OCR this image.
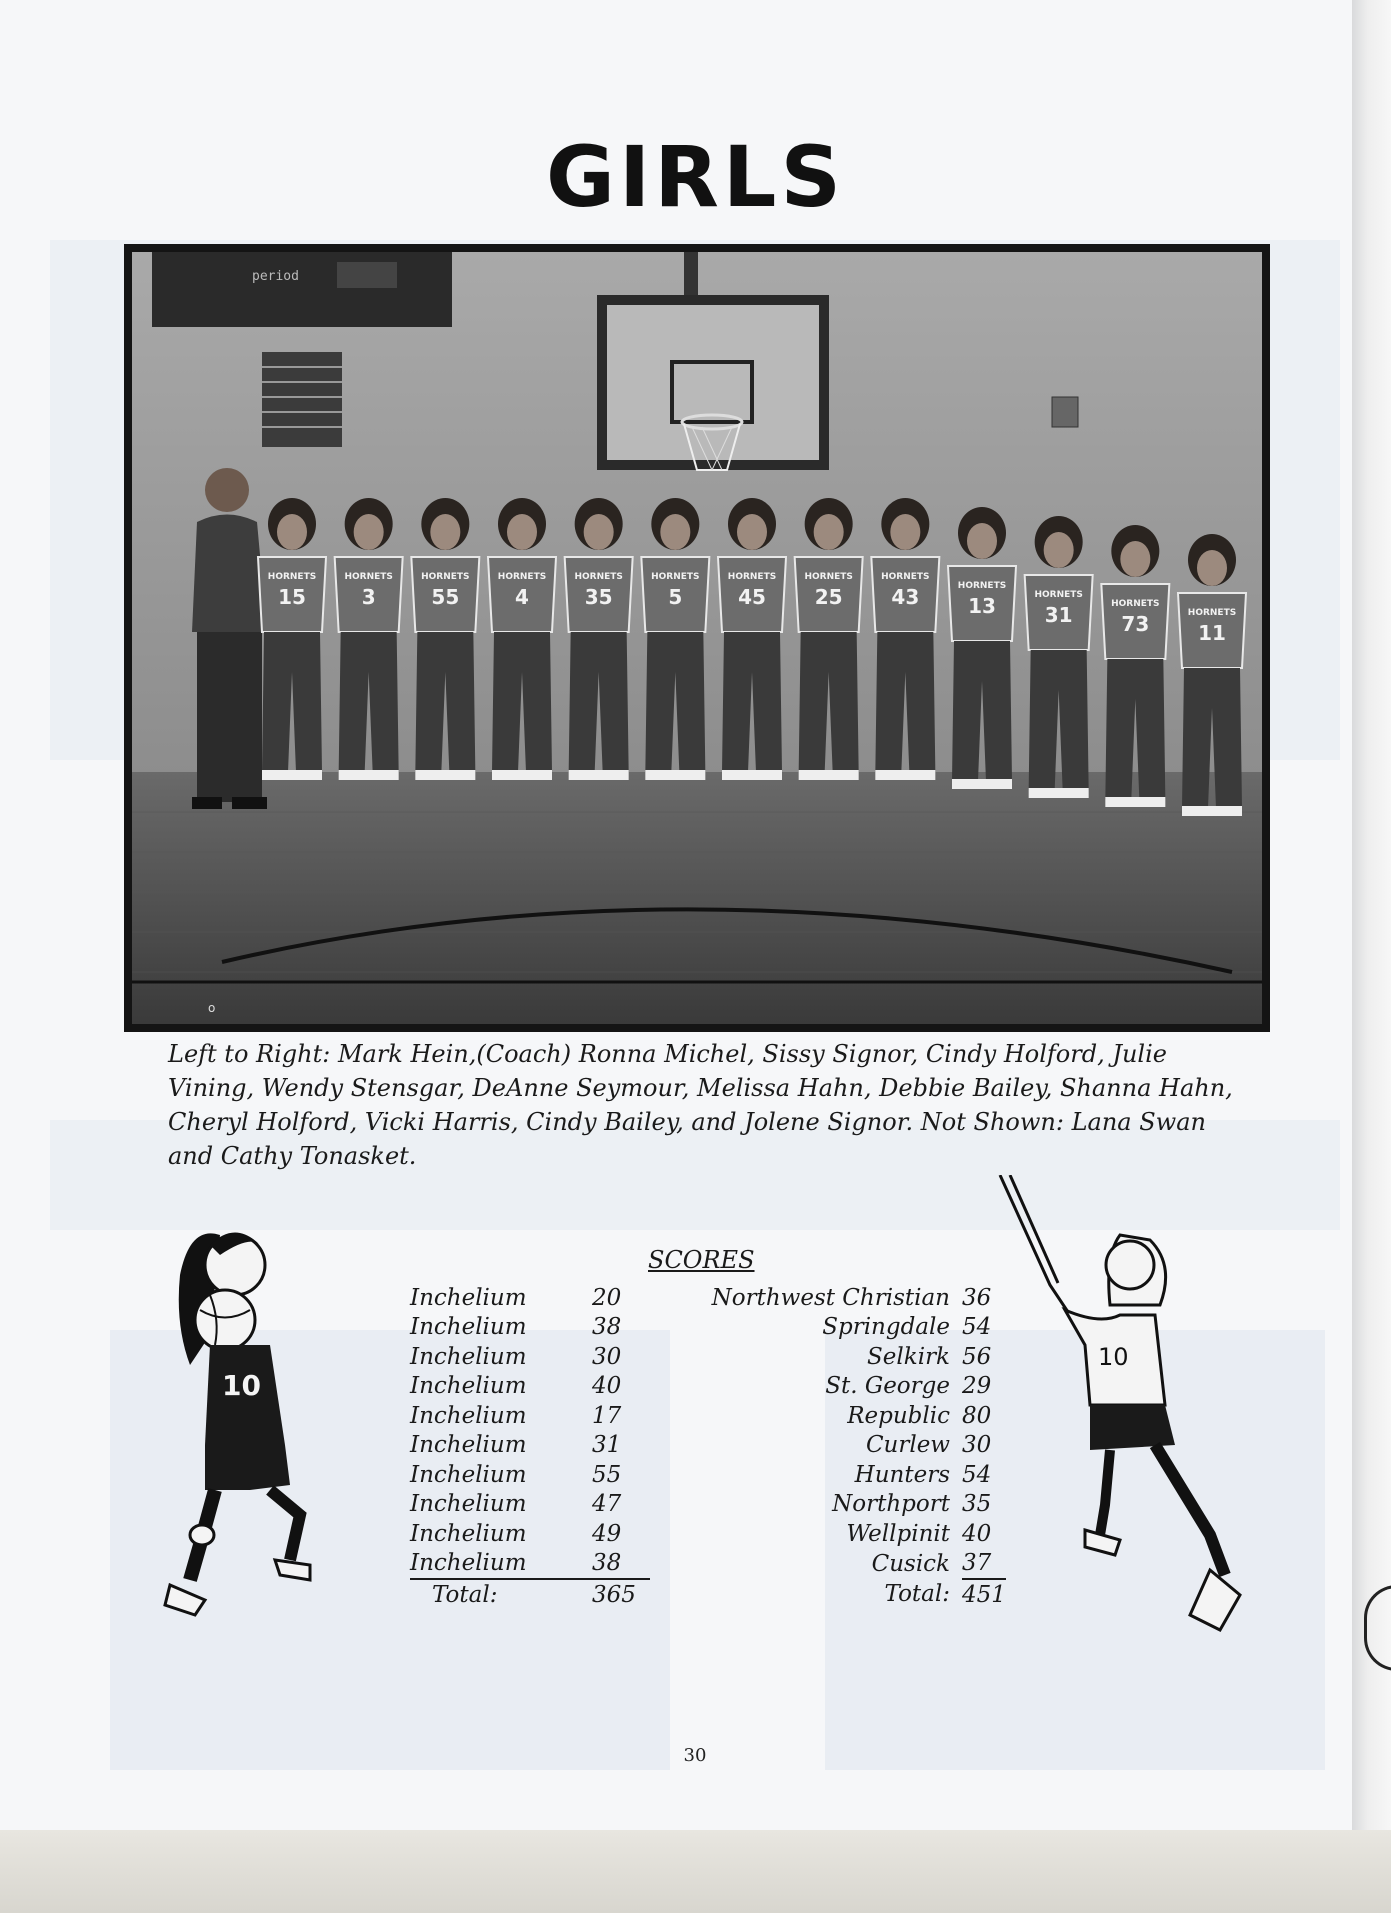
GIRLS
period
HORNETS
15
HORNETS
3
HORNETS
55
HORNETS
4
HORNETS
35
HORNETS
5
HORNETS
45
HORNETS
25
HORNETS
43	HORNETS
13	HORNETS
31	HORNETS
73	HORNETS
11
o

Left to Right: Mark Hein,(Coach) Ronna Michel, Sissy Signor, Cindy Holford, Julie Vining, Wendy Stensgar, DeAnne Seymour, Melissa Hahn, Debbie Bailey, Shanna Hahn, Cheryl Holford, Vicki Harris, Cindy Bailey, and Jolene Signor. Not Shown: Lana Swan and Cathy Tonasket.

SCORES
Inchelium	20	Northwest Christian	36
Inchelium	38	Springdale	54
Inchelium	30	Selkirk	56
Inchelium	40	St. George	29
Inchelium	17	Republic	80
Inchelium	31	Curlew	30
Inchelium	55	Hunters	54
Inchelium	47	Northport	35
Inchelium	49	Wellpinit	40
Inchelium	38	Cusick	37
Total:	365	Total:	451
10
10
30
